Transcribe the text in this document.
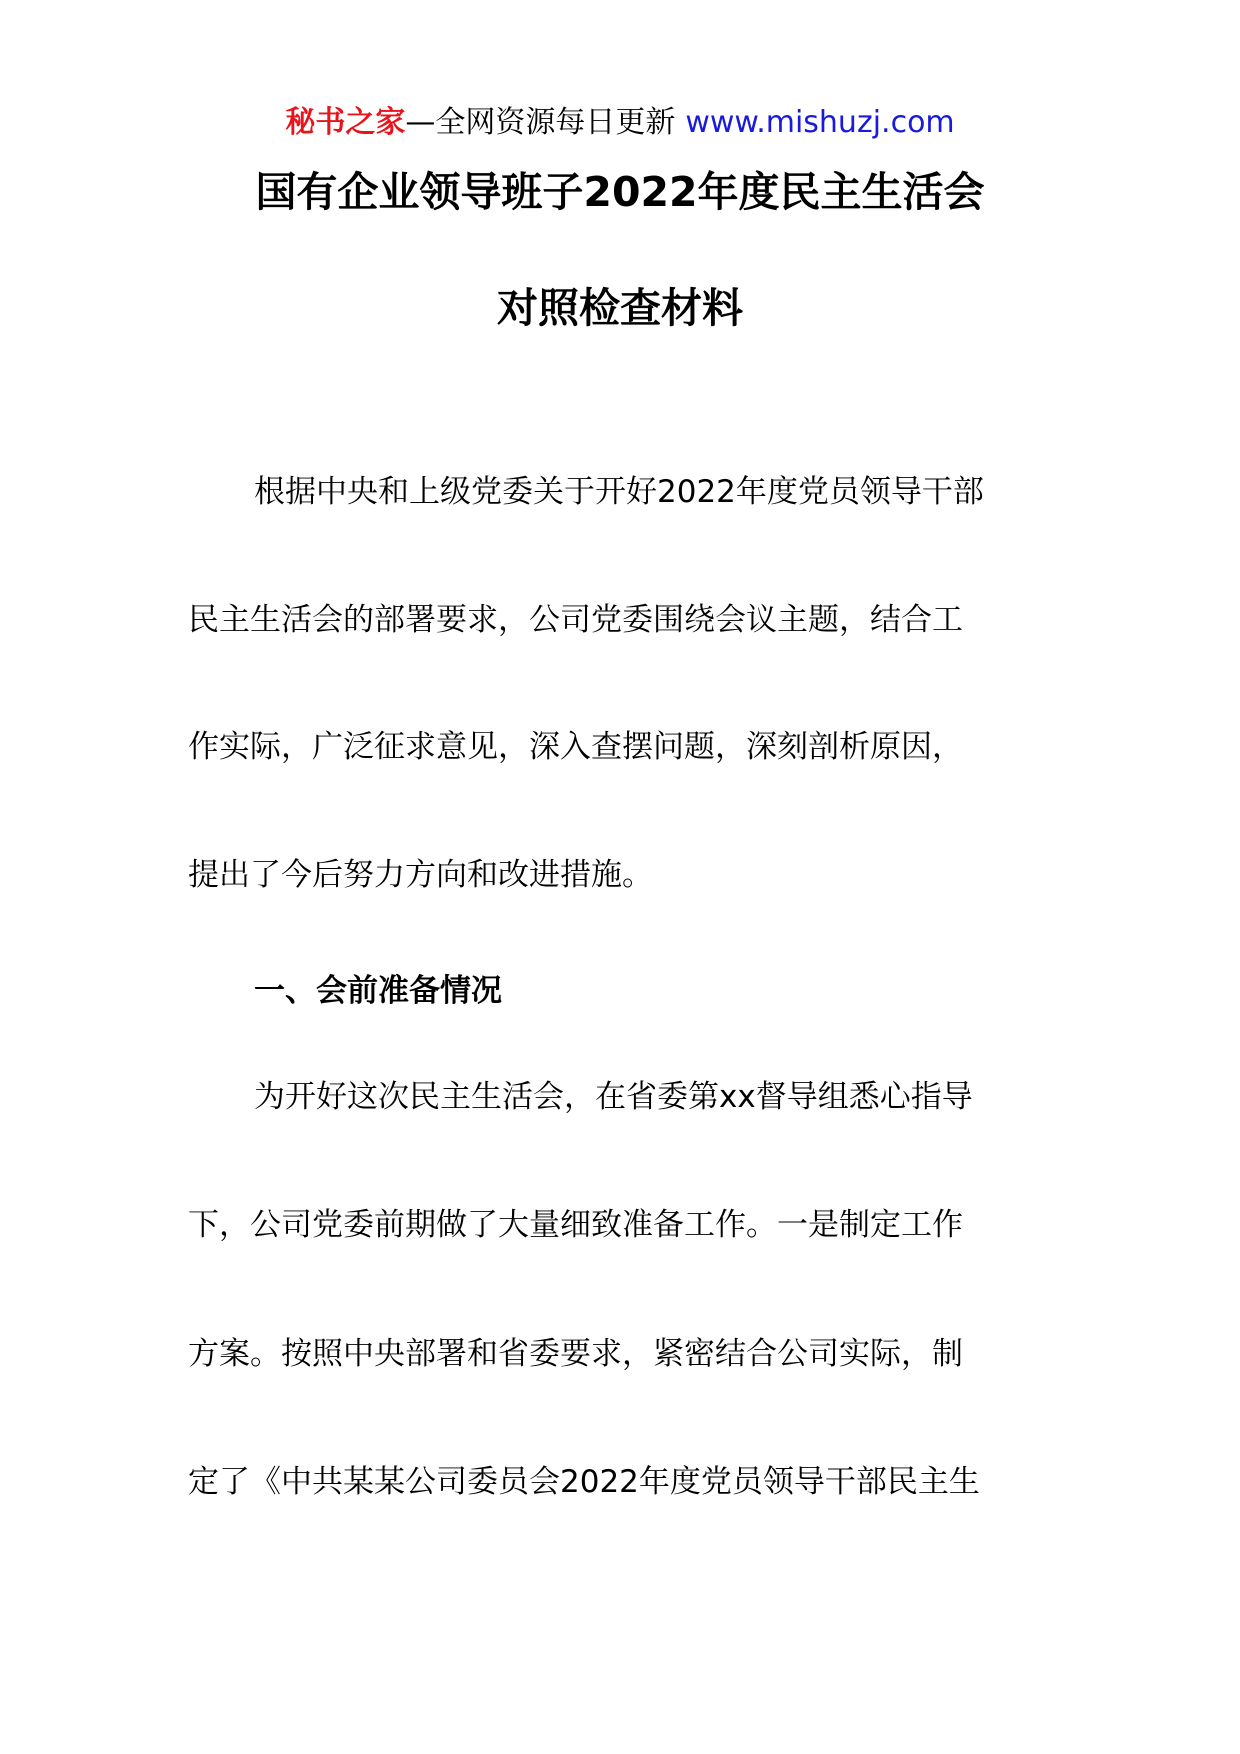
秘书之家—全网资源每日更新 www.mishuzj.com
国有企业领导班子2022年度民主生活会
对照检查材料
根据中央和上级党委关于开好2022年度党员领导干部
民主生活会的部署要求，公司党委围绕会议主题，结合工
作实际，广泛征求意见，深入查摆问题，深刻剖析原因，
提出了今后努力方向和改进措施。
一、会前准备情况
为开好这次民主生活会，在省委第xx督导组悉心指导
下，公司党委前期做了大量细致准备工作。一是制定工作
方案。按照中央部署和省委要求，紧密结合公司实际，制
定了《中共某某公司委员会2022年度党员领导干部民主生
